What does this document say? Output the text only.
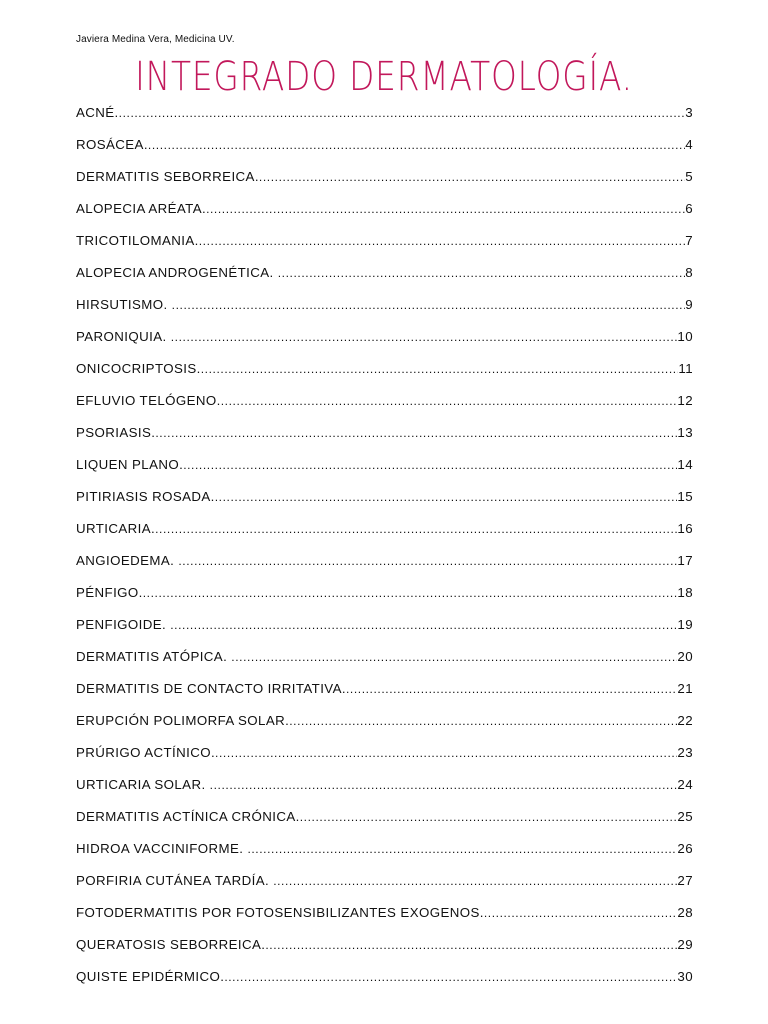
Javiera Medina Vera, Medicina UV.
INTEGRADO DERMATOLOGÍA.
ACNÉ. .....	3
ROSÁCEA. .....	4
DERMATITIS SEBORREICA. .....	5
ALOPECIA ARÉATA. .....	6
TRICOTILOMANIA. .....	7
ALOPECIA ANDROGENÉTICA. .....	8
HIRSUTISMO. .....	9
PARONIQUIA. .....	10
ONICOCRIPTOSIS. .....	11
EFLUVIO TELÓGENO. .....	12
PSORIASIS. .....	13
LIQUEN PLANO. .....	14
PITIRIASIS ROSADA. .....	15
URTICARIA. .....	16
ANGIOEDEMA. .....	17
PÉNFIGO. .....	18
PENFIGOIDE. .....	19
DERMATITIS ATÓPICA. .....	20
DERMATITIS DE CONTACTO IRRITATIVA. .....	21
ERUPCIÓN POLIMORFA SOLAR. .....	22
PRÚRIGO ACTÍNICO. .....	23
URTICARIA SOLAR. .....	24
DERMATITIS ACTÍNICA CRÓNICA. .....	25
HIDROA VACCINIFORME. .....	26
PORFIRIA CUTÁNEA TARDÍA. .....	27
FOTODERMATITIS POR FOTOSENSIBILIZANTES EXOGENOS. .....	28
QUERATOSIS SEBORREICA. .....	29
QUISTE EPIDÉRMICO. .....	30
